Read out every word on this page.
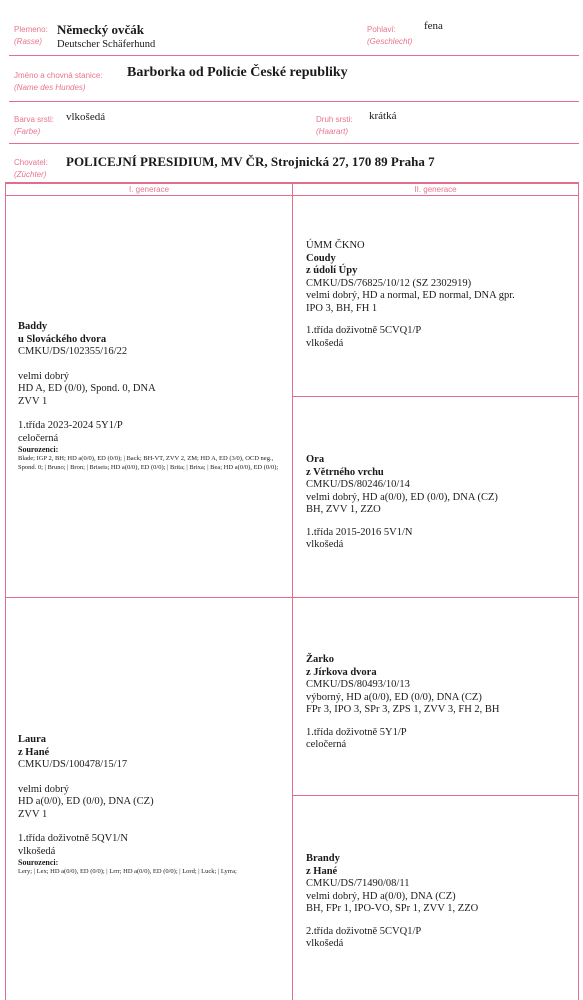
Plemeno:
(Rasse)
Německý ovčák
Deutscher Schäferhund
Pohlaví:
(Geschlecht)
fena
Jméno a chovná stanice:
(Name des Hundes)
Barborka od Policie České republiky
Barva srsti:
(Farbe)
vlkošedá	Druh srsti:
(Haarart)
krátká
Chovatel:
(Züchter)
POLICEJNÍ PRESIDIUM, MV ČR, Strojnická 27, 170 89 Praha 7
I. generace	II. generace
Baddy
u Slováckého dvora
CMKU/DS/102355/16/22
velmi dobrý
HD A, ED (0/0), Spond. 0, DNA
ZVV 1
1.třída 2023-2024 5Y1/P
celočerná
Sourozenci:
Blade; IGP 2, BH; HD a(0/0), ED (0/0); | Back; BH-VT, ZVV 2, ZM; HD A, ED (3/0), OCD neg., Spond. 0; | Bruno; | Bron; | Briseis; HD a(0/0), ED (0/0); | Brita; | Brixa; | Bea; HD a(0/0), ED (0/0);
Laura
z Hané
CMKU/DS/100478/15/17
velmi dobrý
HD a(0/0), ED (0/0), DNA (CZ)
ZVV 1
1.třída doživotně 5QV1/N
vlkošedá
Sourozenci:
Lery; | Lex; HD a(0/0), ED (0/0); | Lrrr; HD a(0/0), ED (0/0); | Lord; | Luck; | Lyrra;
ÚMM ČKNO
Coudy
z údolí Úpy
CMKU/DS/76825/10/12 (SZ 2302919)
velmi dobrý, HD a normal, ED normal, DNA gpr.
IPO 3, BH, FH 1
1.třída doživotně 5CVQ1/P
vlkošedá
Ora
z Větrného vrchu
CMKU/DS/80246/10/14
velmi dobrý, HD a(0/0), ED (0/0), DNA (CZ)
BH, ZVV 1, ZZO
1.třída 2015-2016 5V1/N
vlkošedá
Žarko
z Jírkova dvora
CMKU/DS/80493/10/13
výborný, HD a(0/0), ED (0/0), DNA (CZ)
FPr 3, IPO 3, SPr 3, ZPS 1, ZVV 3, FH 2, BH
1.třída doživotně 5Y1/P
celočerná
Brandy
z Hané
CMKU/DS/71490/08/11
velmi dobrý, HD a(0/0), DNA (CZ)
BH, FPr 1, IPO-VO, SPr 1, ZVV 1, ZZO
2.třída doživotně 5CVQ1/P
vlkošedá
